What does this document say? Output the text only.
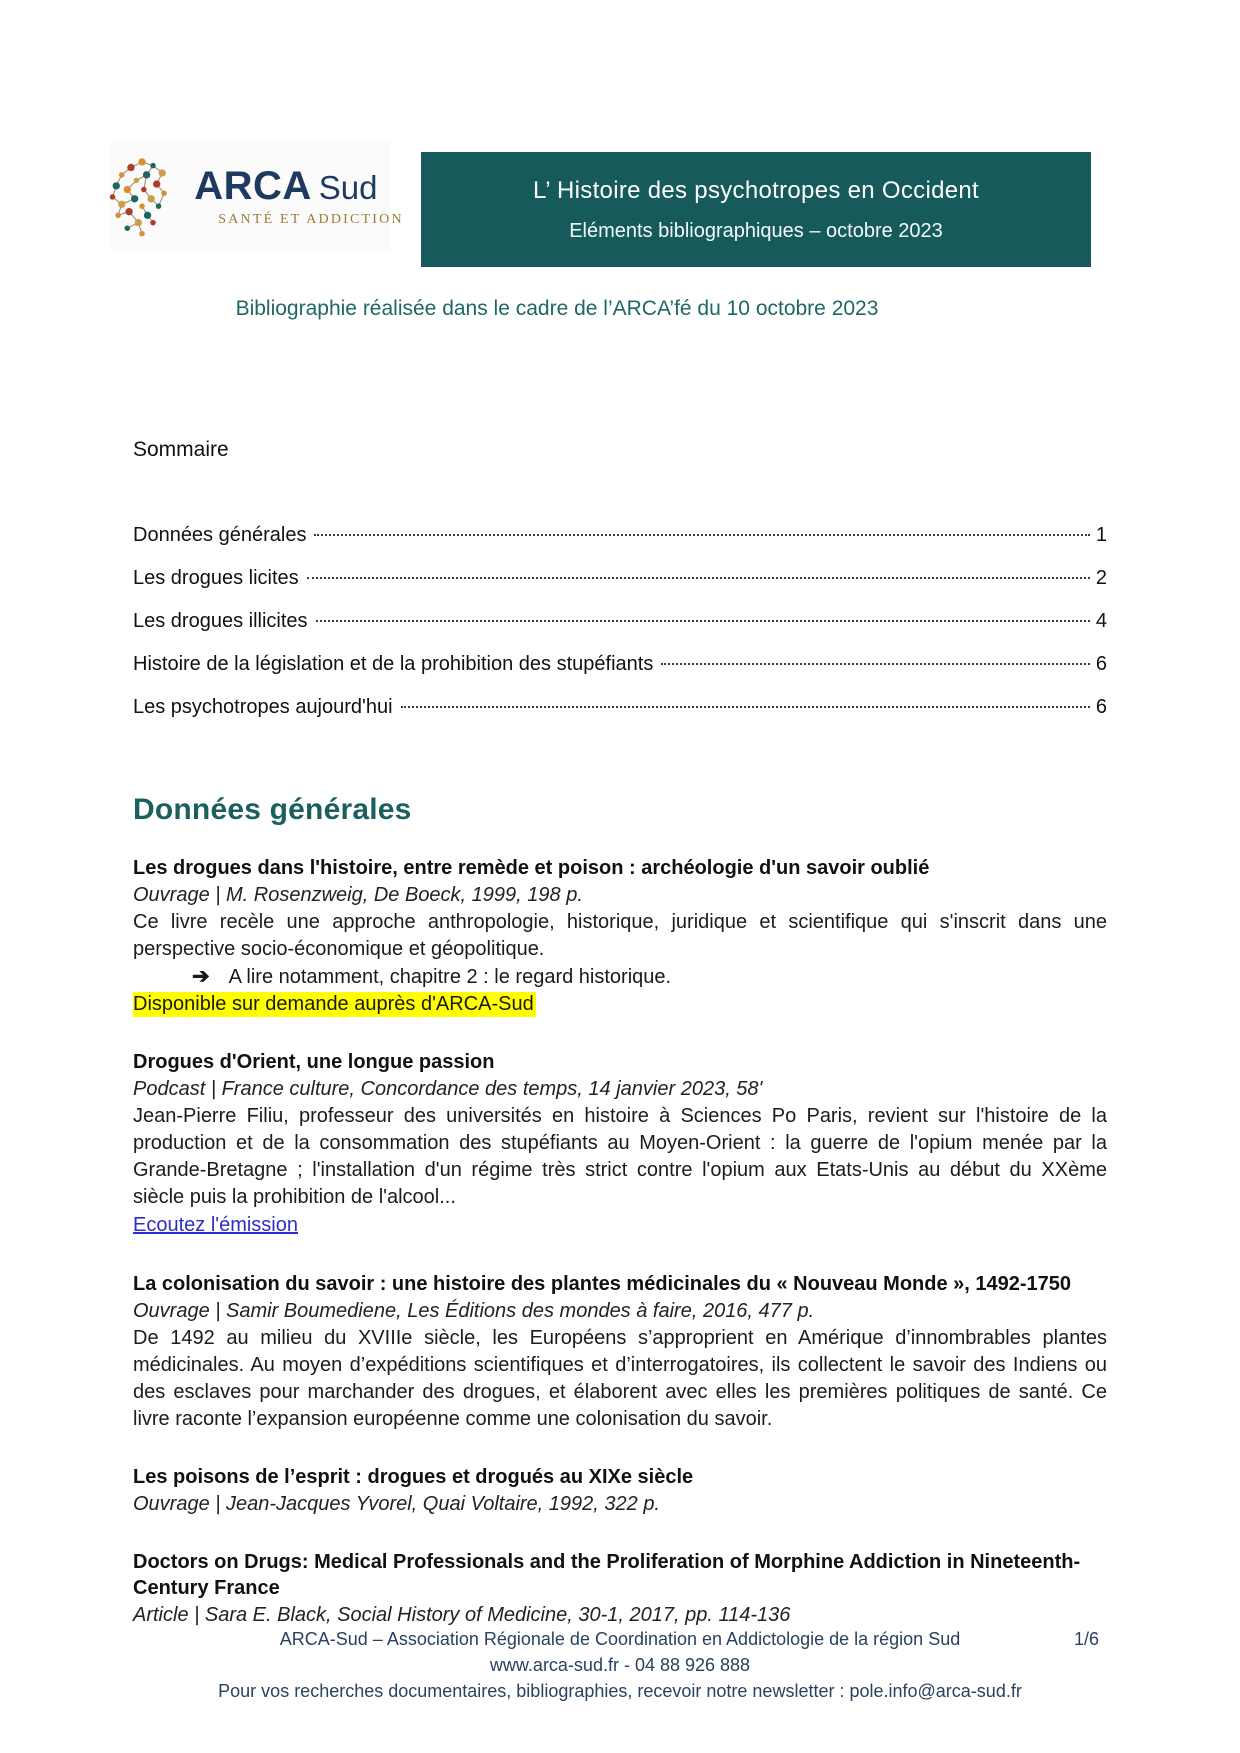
ARCA Sud
SANTÉ ET ADDICTION
L’ Histoire des psychotropes en Occident
Eléments bibliographiques – octobre 2023
Bibliographie réalisée dans le cadre de l’ARCA’fé du 10 octobre 2023
Sommaire
Données générales	1
Les drogues licites	2
Les drogues illicites	4
Histoire de la législation et de la prohibition des stupéfiants	6
Les psychotropes aujourd'hui	6
Données générales
Les drogues dans l'histoire, entre remède et poison : archéologie d'un savoir oublié
Ouvrage | M. Rosenzweig, De Boeck, 1999, 198 p.
Ce livre recèle une approche anthropologie, historique, juridique et scientifique qui s'inscrit dans une perspective socio-économique et géopolitique.
➔ A lire notamment, chapitre 2 : le regard historique.
Disponible sur demande auprès d'ARCA-Sud
Drogues d'Orient, une longue passion
Podcast | France culture, Concordance des temps, 14 janvier 2023, 58'
Jean-Pierre Filiu, professeur des universités en histoire à Sciences Po Paris, revient sur l'histoire de la production et de la consommation des stupéfiants au Moyen-Orient : la guerre de l'opium menée par la Grande-Bretagne ; l'installation d'un régime très strict contre l'opium aux Etats-Unis au début du XXème siècle puis la prohibition de l'alcool...
Ecoutez l'émission
La colonisation du savoir : une histoire des plantes médicinales du « Nouveau Monde », 1492-1750
Ouvrage | Samir Boumediene, Les Éditions des mondes à faire, 2016, 477 p.
De 1492 au milieu du XVIIIe siècle, les Européens s’approprient en Amérique d’innombrables plantes médicinales. Au moyen d’expéditions scientifiques et d’interrogatoires, ils collectent le savoir des Indiens ou des esclaves pour marchander des drogues, et élaborent avec elles les premières politiques de santé. Ce livre raconte l’expansion européenne comme une colonisation du savoir.
Les poisons de l’esprit : drogues et drogués au XIXe siècle
Ouvrage | Jean-Jacques Yvorel, Quai Voltaire, 1992, 322 p.
Doctors on Drugs: Medical Professionals and the Proliferation of Morphine Addiction in Nineteenth-Century France
Article | Sara E. Black, Social History of Medicine, 30-1, 2017, pp. 114-136
ARCA-Sud – Association Régionale de Coordination en Addictologie de la région Sud
www.arca-sud.fr - 04 88 926 888
Pour vos recherches documentaires, bibliographies, recevoir notre newsletter : pole.info@arca-sud.fr
1/6
